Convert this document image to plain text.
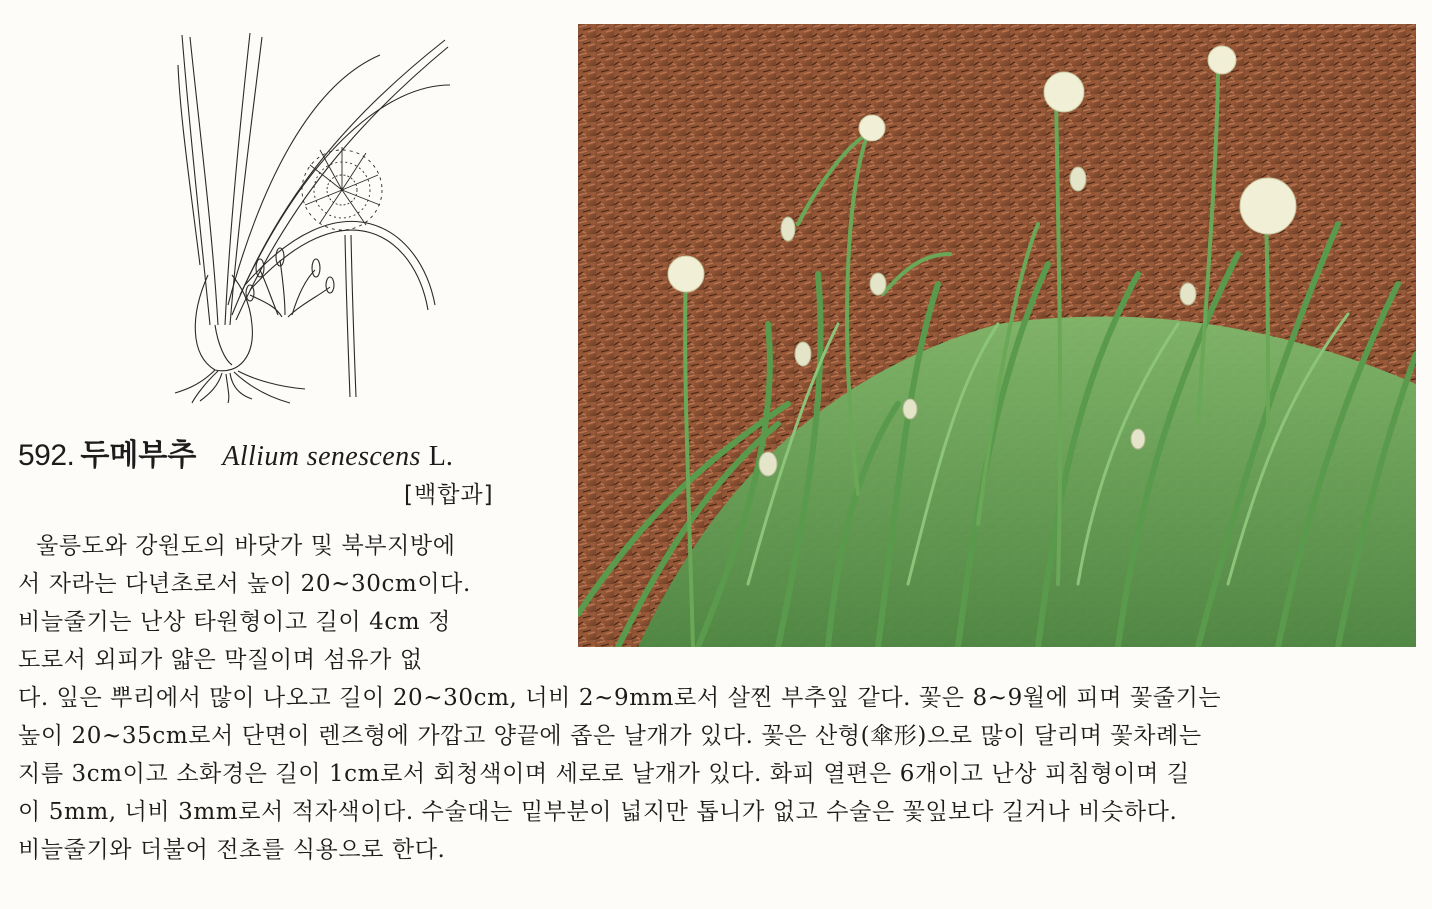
592. 두메부추 Allium senescens L.
[백합과]
울릉도와 강원도의 바닷가 및 북부지방에
서 자라는 다년초로서 높이 20~30cm이다.
비늘줄기는 난상 타원형이고 길이 4cm 정
도로서 외피가 얇은 막질이며 섬유가 없
다. 잎은 뿌리에서 많이 나오고 길이 20~30cm, 너비 2~9mm로서 살찐 부추잎 같다. 꽃은 8~9월에 피며 꽃줄기는
높이 20~35cm로서 단면이 렌즈형에 가깝고 양끝에 좁은 날개가 있다. 꽃은 산형(傘形)으로 많이 달리며 꽃차례는
지름 3cm이고 소화경은 길이 1cm로서 회청색이며 세로로 날개가 있다. 화피 열편은 6개이고 난상 피침형이며 길
이 5mm, 너비 3mm로서 적자색이다. 수술대는 밑부분이 넓지만 톱니가 없고 수술은 꽃잎보다 길거나 비슷하다.
비늘줄기와 더불어 전초를 식용으로 한다.
